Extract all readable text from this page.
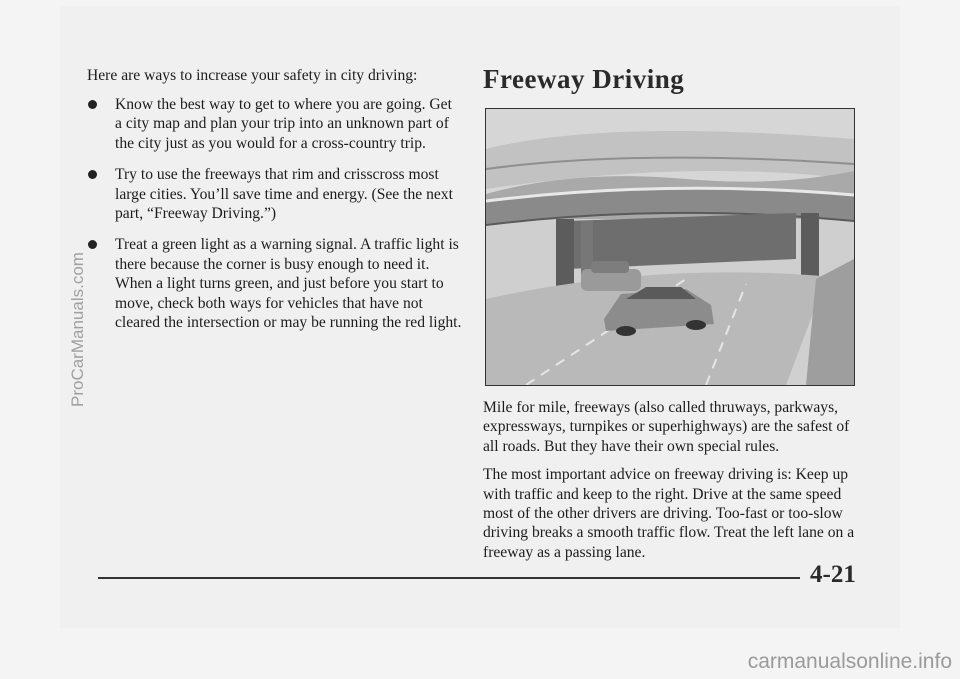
Here are ways to increase your safety in city driving:

Know the best way to get to where you are going. Get a city map and plan your trip into an unknown part of the city just as you would for a cross-country trip.
Try to use the freeways that rim and crisscross most large cities. You’ll save time and energy. (See the next part, “Freeway Driving.”)
Treat a green light as a warning signal. A traffic light is there because the corner is busy enough to need it. When a light turns green, and just before you start to move, check both ways for vehicles that have not cleared the intersection or may be running the red light.
Freeway Driving

Mile for mile, freeways (also called thruways, parkways, expressways, turnpikes or superhighways) are the safest of all roads. But they have their own special rules.

The most important advice on freeway driving is: Keep up with traffic and keep to the right. Drive at the same speed most of the other drivers are driving. Too-fast or too-slow driving breaks a smooth traffic flow. Treat the left lane on a freeway as a passing lane.

4-21
ProCarManuals.com
carmanualsonline.info
